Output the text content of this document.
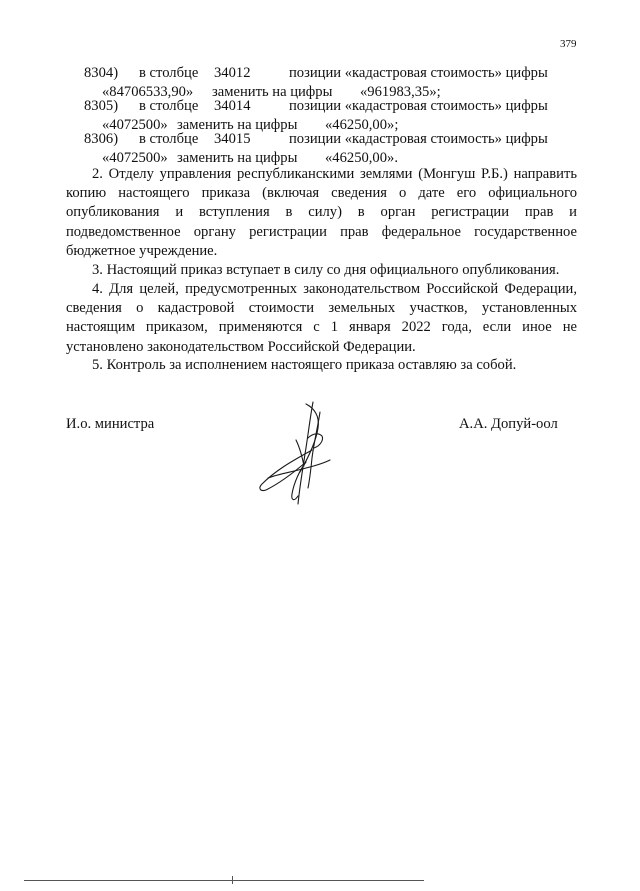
379
8304) в столбце 34012	позиции «кадастровая стоимость» цифры
«84706533,90» заменить на цифры «961983,35»;
8305) в столбце 34014	позиции «кадастровая стоимость» цифры
«4072500» заменить на цифры «46250,00»;
8306) в столбце 34015	позиции «кадастровая стоимость» цифры
«4072500» заменить на цифры «46250,00».
2. Отделу управления республиканскими землями (Монгуш Р.Б.) направить копию настоящего приказа (включая сведения о дате его официального опубликования и вступления в силу) в орган регистрации прав и подведомственное органу регистрации прав федеральное государственное бюджетное учреждение.
3. Настоящий приказ вступает в силу со дня официального опубликования.
4. Для целей, предусмотренных законодательством Российской Федерации, сведения о кадастровой стоимости земельных участков, установленных настоящим приказом, применяются с 1 января 2022 года, если иное не установлено законодательством Российской Федерации.
5. Контроль за исполнением настоящего приказа оставляю за собой.
И.о. министра	А.А. Допуй-оол
